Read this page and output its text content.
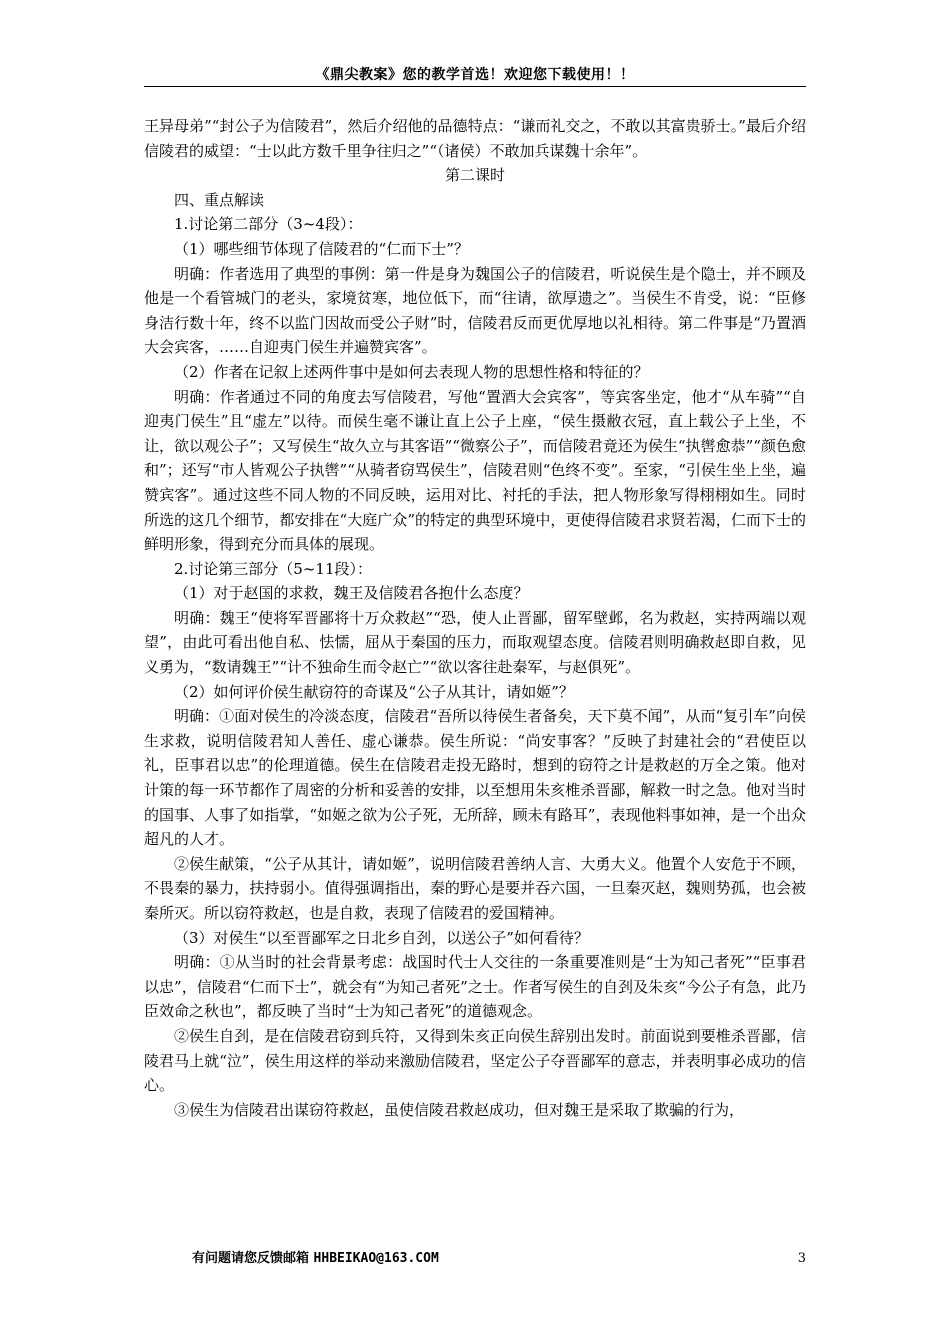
《鼎尖教案》您的教学首选！欢迎您下载使用！！

王异母弟”“封公子为信陵君”，然后介绍他的品德特点：“谦而礼交之，不敢以其富贵骄士。”最后介绍信陵君的威望：“士以此方数千里争往归之”“（诸侯）不敢加兵谋魏十余年”。

第二课时

四、重点解读

1.讨论第二部分（3~4段）：

（1）哪些细节体现了信陵君的“仁而下士”？

明确：作者选用了典型的事例：第一件是身为魏国公子的信陵君，听说侯生是个隐士，并不顾及他是一个看管城门的老头，家境贫寒，地位低下，而“往请，欲厚遗之”。当侯生不肯受，说：“臣修身洁行数十年，终不以监门因故而受公子财”时，信陵君反而更优厚地以礼相待。第二件事是“乃置酒大会宾客，……自迎夷门侯生并遍赞宾客”。

（2）作者在记叙上述两件事中是如何去表现人物的思想性格和特征的？

明确：作者通过不同的角度去写信陵君，写他“置酒大会宾客”，等宾客坐定，他才“从车骑”“自迎夷门侯生”且“虚左”以待。而侯生毫不谦让直上公子上座，“侯生摄敝衣冠，直上载公子上坐，不让，欲以观公子”；又写侯生“故久立与其客语”“微察公子”，而信陵君竟还为侯生“执辔愈恭”“颜色愈和”；还写“市人皆观公子执辔”“从骑者窃骂侯生”，信陵君则“色终不变”。至家，“引侯生坐上坐，遍赞宾客”。通过这些不同人物的不同反映，运用对比、衬托的手法，把人物形象写得栩栩如生。同时所选的这几个细节，都安排在“大庭广众”的特定的典型环境中，更使得信陵君求贤若渴，仁而下士的鲜明形象，得到充分而具体的展现。

2.讨论第三部分（5~11段）：

（1）对于赵国的求救，魏王及信陵君各抱什么态度？

明确：魏王“使将军晋鄙将十万众救赵”“恐，使人止晋鄙，留军壁邺，名为救赵，实持两端以观望”，由此可看出他自私、怯懦，屈从于秦国的压力，而取观望态度。信陵君则明确救赵即自救，见义勇为，“数请魏王”“计不独命生而令赵亡”“欲以客往赴秦军，与赵俱死”。

（2）如何评价侯生献窃符的奇谋及“公子从其计，请如姬”？

明确：①面对侯生的冷淡态度，信陵君“吾所以待侯生者备矣，天下莫不闻”，从而“复引车”向侯生求救，说明信陵君知人善任、虚心谦恭。侯生所说：“尚安事客？”反映了封建社会的“君使臣以礼，臣事君以忠”的伦理道德。侯生在信陵君走投无路时，想到的窃符之计是救赵的万全之策。他对计策的每一环节都作了周密的分析和妥善的安排，以至想用朱亥椎杀晋鄙，解救一时之急。他对当时的国事、人事了如指掌，“如姬之欲为公子死，无所辞，顾未有路耳”，表现他料事如神，是一个出众超凡的人才。

②侯生献策，“公子从其计，请如姬”，说明信陵君善纳人言、大勇大义。他置个人安危于不顾，不畏秦的暴力，扶持弱小。值得强调指出，秦的野心是要并吞六国，一旦秦灭赵，魏则势孤，也会被秦所灭。所以窃符救赵，也是自救，表现了信陵君的爱国精神。

（3）对侯生“以至晋鄙军之日北乡自刭，以送公子”如何看待？

明确：①从当时的社会背景考虑：战国时代士人交往的一条重要准则是“士为知己者死”“臣事君以忠”，信陵君“仁而下士”，就会有“为知己者死”之士。作者写侯生的自刭及朱亥“今公子有急，此乃臣效命之秋也”，都反映了当时“士为知己者死”的道德观念。

②侯生自刭，是在信陵君窃到兵符，又得到朱亥正向侯生辞别出发时。前面说到要椎杀晋鄙，信陵君马上就“泣”，侯生用这样的举动来激励信陵君，坚定公子夺晋鄙军的意志，并表明事必成功的信心。

③侯生为信陵君出谋窃符救赵，虽使信陵君救赵成功，但对魏王是采取了欺骗的行为，

有问题请您反馈邮箱 HHBEIKAO@163.COM	3
